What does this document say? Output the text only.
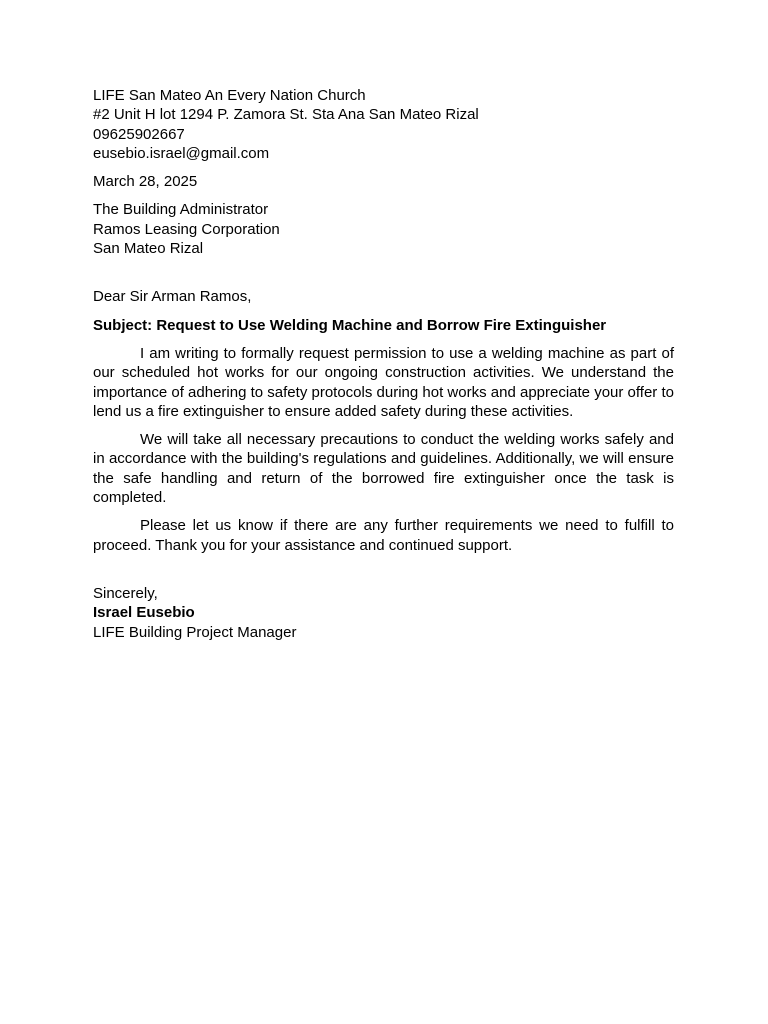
LIFE San Mateo An Every Nation Church
#2 Unit H lot 1294 P. Zamora St. Sta Ana San Mateo Rizal
09625902667
eusebio.israel@gmail.com
March 28, 2025
The Building Administrator
Ramos Leasing Corporation
San Mateo Rizal
Dear Sir Arman Ramos,
Subject: Request to Use Welding Machine and Borrow Fire Extinguisher

I am writing to formally request permission to use a welding machine as part of our scheduled hot works for our ongoing construction activities. We understand the importance of adhering to safety protocols during hot works and appreciate your offer to lend us a fire extinguisher to ensure added safety during these activities.

We will take all necessary precautions to conduct the welding works safely and in accordance with the building's regulations and guidelines. Additionally, we will ensure the safe handling and return of the borrowed fire extinguisher once the task is completed.

Please let us know if there are any further requirements we need to fulfill to proceed. Thank you for your assistance and continued support.

Sincerely,
Israel Eusebio
LIFE Building Project Manager
